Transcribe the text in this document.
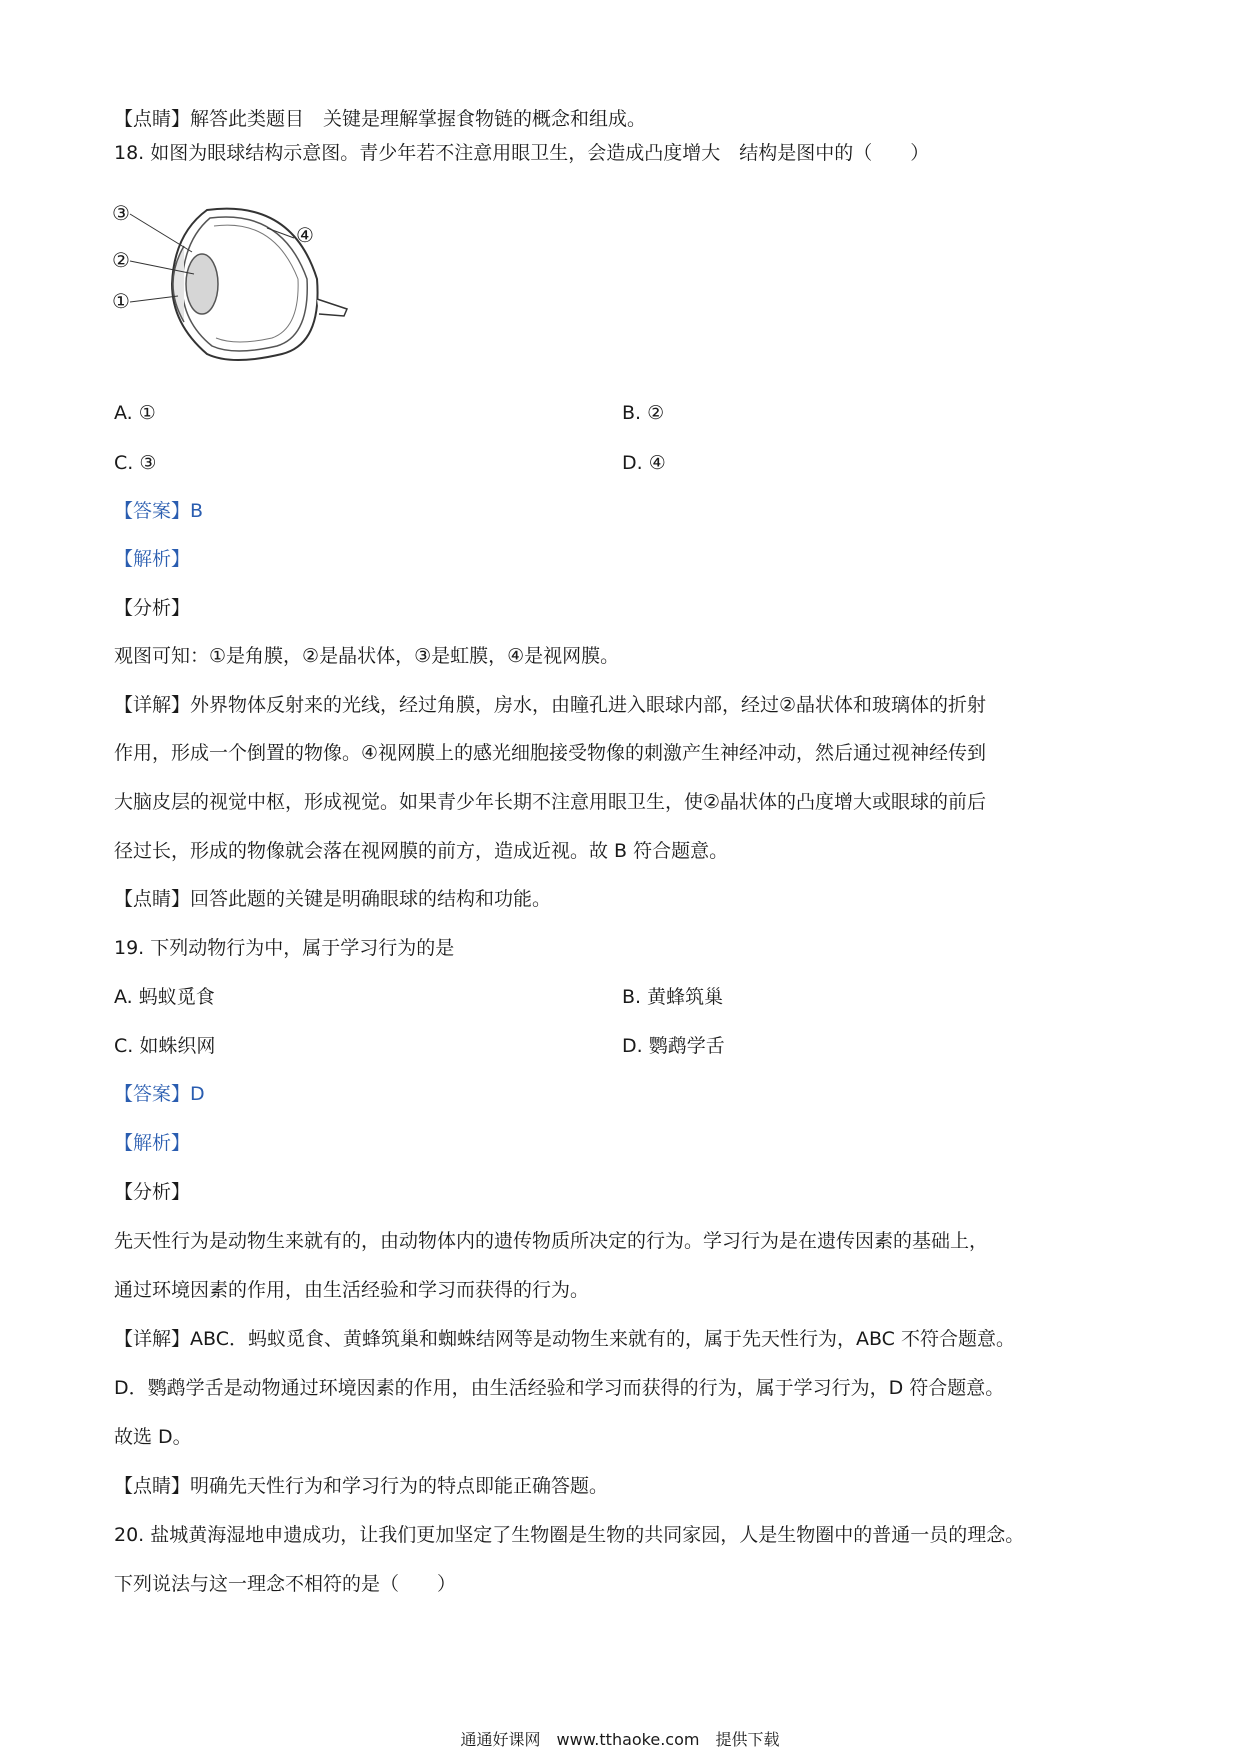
【点睛】解答此类题目　关键是理解掌握食物链的概念和组成。
18. 如图为眼球结构示意图。青少年若不注意用眼卫生，会造成凸度增大　结构是图中的（　　）
③
②
①
④
A. ①	B. ②
C. ③	D. ④
【答案】B
【解析】
【分析】
观图可知：①是角膜，②是晶状体，③是虹膜，④是视网膜。
【详解】外界物体反射来的光线，经过角膜，房水，由瞳孔进入眼球内部，经过②晶状体和玻璃体的折射
作用，形成一个倒置的物像。④视网膜上的感光细胞接受物像的刺激产生神经冲动，然后通过视神经传到
大脑皮层的视觉中枢，形成视觉。如果青少年长期不注意用眼卫生，使②晶状体的凸度增大或眼球的前后
径过长，形成的物像就会落在视网膜的前方，造成近视。故 B 符合题意。
【点睛】回答此题的关键是明确眼球的结构和功能。
19. 下列动物行为中，属于学习行为的是
A. 蚂蚁觅食	B. 黄蜂筑巢
C. 如蛛织网	D. 鹦鹉学舌
【答案】D
【解析】
【分析】
先天性行为是动物生来就有的，由动物体内的遗传物质所决定的行为。学习行为是在遗传因素的基础上，
通过环境因素的作用，由生活经验和学习而获得的行为。
【详解】ABC．蚂蚁觅食、黄蜂筑巢和蜘蛛结网等是动物生来就有的，属于先天性行为，ABC 不符合题意。
D．鹦鹉学舌是动物通过环境因素的作用，由生活经验和学习而获得的行为，属于学习行为，D 符合题意。
故选 D。
【点睛】明确先天性行为和学习行为的特点即能正确答题。
20. 盐城黄海湿地申遗成功，让我们更加坚定了生物圈是生物的共同家园，人是生物圈中的普通一员的理念。
下列说法与这一理念不相符的是（　　）
通通好课网　www.tthaoke.com　提供下载
